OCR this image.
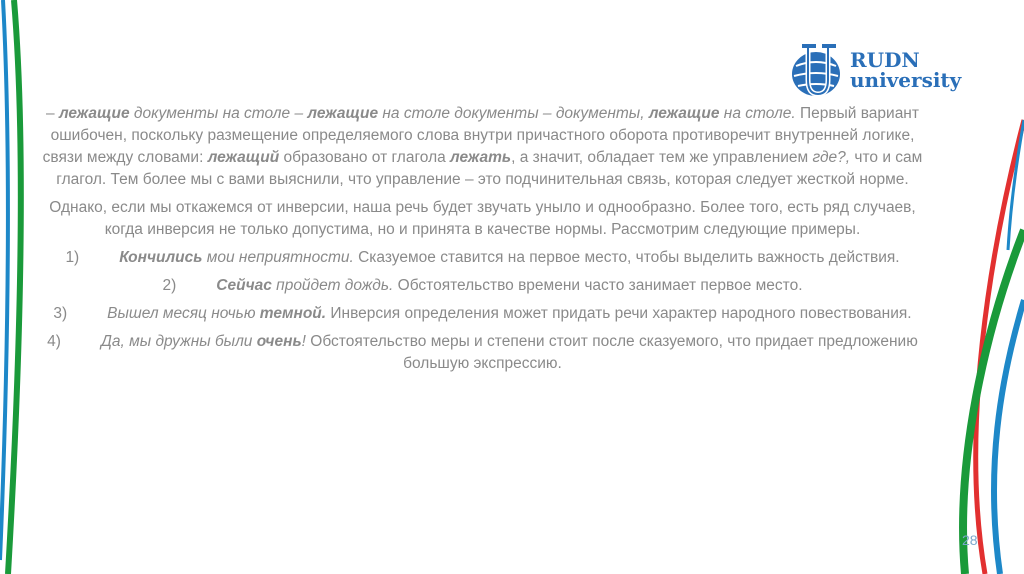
RUDN
university

– лежащие документы на столе – лежащие на столе документы – документы, лежащие на столе. Первый вариант ошибочен, поскольку размещение определяемого слова внутри причастного оборота противоречит внутренней логике, связи между словами: лежащий образовано от глагола лежать, а значит, обладает тем же управлением где?, что и сам глагол. Тем более мы с вами выяснили, что управление – это подчинительная связь, которая следует жесткой норме.

Однако, если мы откажемся от инверсии, наша речь будет звучать уныло и однообразно. Более того, есть ряд случаев, когда инверсия не только допустима, но и принята в качестве нормы. Рассмотрим следующие примеры.

1)	Кончились мои неприятности. Сказуемое ставится на первое место, чтобы выделить важность действия.
2)	Сейчас пройдет дождь. Обстоятельство времени часто занимает первое место.
3)	Вышел месяц ночью темной. Инверсия определения может придать речи характер народного повествования.
4)	Да, мы дружны были очень! Обстоятельство меры и степени стоит после сказуемого, что придает предложению большую экспрессию.
28
